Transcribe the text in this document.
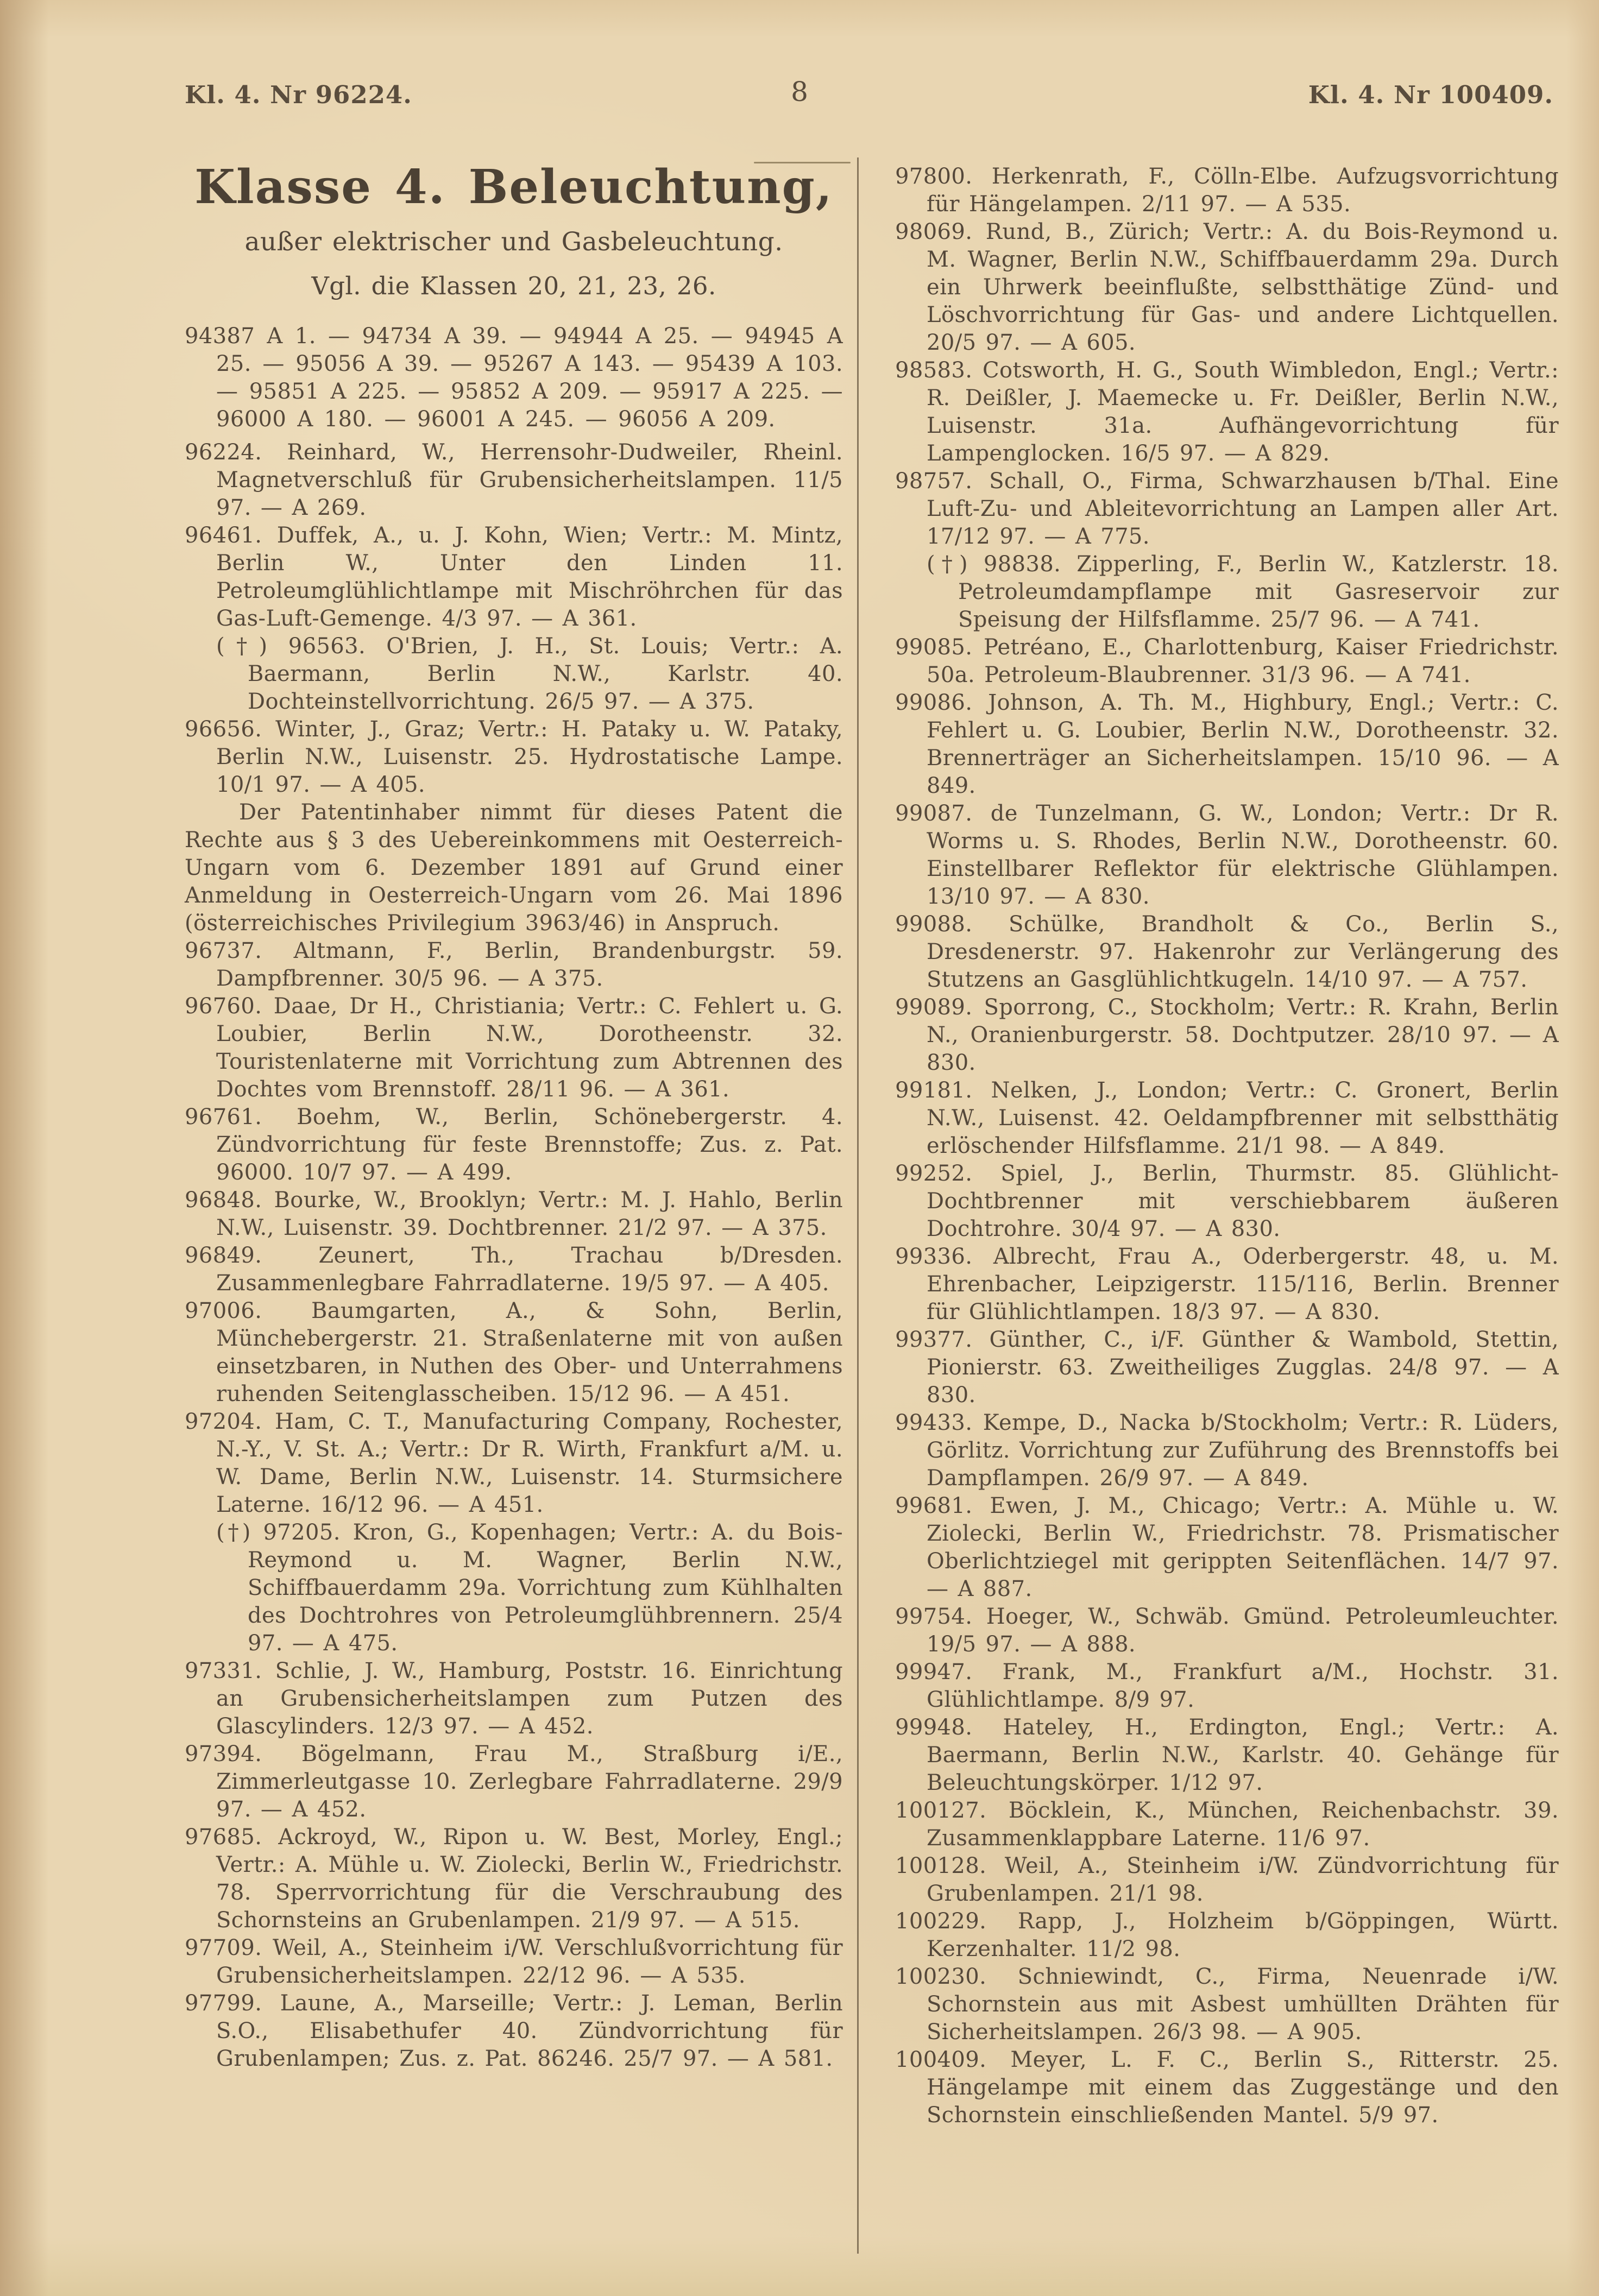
Kl. 4. Nr 96224.	Kl. 4. Nr 100409.
8
Klasse 4. Beleuchtung,
außer elektrischer und Gasbeleuchtung.
Vgl. die Klassen 20, 21, 23, 26.

94387 A 1. — 94734 A 39. — 94944 A 25. — 94945 A 25. — 95056 A 39. — 95267 A 143. — 95439 A 103. — 95851 A 225. — 95852 A 209. — 95917 A 225. — 96000 A 180. — 96001 A 245. — 96056 A 209.

96224. Reinhard, W., Herrensohr-Dudweiler, Rheinl. Magnetverschluß für Grubensicherheitslampen. 11/5 97. — A 269.

96461. Duffek, A., u. J. Kohn, Wien; Vertr.: M. Mintz, Berlin W., Unter den Linden 11. Petroleumglühlichtlampe mit Mischröhrchen für das Gas-Luft-Gemenge. 4/3 97. — A 361.

(†) 96563. O'Brien, J. H., St. Louis; Vertr.: A. Baermann, Berlin N.W., Karlstr. 40. Dochteinstellvorrichtung. 26/5 97. — A 375.

96656. Winter, J., Graz; Vertr.: H. Pataky u. W. Pataky, Berlin N.W., Luisenstr. 25. Hydrostatische Lampe. 10/1 97. — A 405.

Der Patentinhaber nimmt für dieses Patent die Rechte aus § 3 des Uebereinkommens mit Oesterreich-Ungarn vom 6. Dezember 1891 auf Grund einer Anmeldung in Oesterreich-Ungarn vom 26. Mai 1896 (österreichisches Privilegium 3963/46) in Anspruch.

96737. Altmann, F., Berlin, Brandenburgstr. 59. Dampfbrenner. 30/5 96. — A 375.

96760. Daae, Dr H., Christiania; Vertr.: C. Fehlert u. G. Loubier, Berlin N.W., Dorotheenstr. 32. Touristenlaterne mit Vorrichtung zum Abtrennen des Dochtes vom Brennstoff. 28/11 96. — A 361.

96761. Boehm, W., Berlin, Schönebergerstr. 4. Zündvorrichtung für feste Brennstoffe; Zus. z. Pat. 96000. 10/7 97. — A 499.

96848. Bourke, W., Brooklyn; Vertr.: M. J. Hahlo, Berlin N.W., Luisenstr. 39. Dochtbrenner. 21/2 97. — A 375.

96849. Zeunert, Th., Trachau b/Dresden. Zusammenlegbare Fahrradlaterne. 19/5 97. — A 405.

97006. Baumgarten, A., & Sohn, Berlin, Münchebergerstr. 21. Straßenlaterne mit von außen einsetzbaren, in Nuthen des Ober- und Unterrahmens ruhenden Seitenglasscheiben. 15/12 96. — A 451.

97204. Ham, C. T., Manufacturing Company, Rochester, N.-Y., V. St. A.; Vertr.: Dr R. Wirth, Frankfurt a/M. u. W. Dame, Berlin N.W., Luisenstr. 14. Sturmsichere Laterne. 16/12 96. — A 451.

(†) 97205. Kron, G., Kopenhagen; Vertr.: A. du Bois-Reymond u. M. Wagner, Berlin N.W., Schiffbauerdamm 29a. Vorrichtung zum Kühlhalten des Dochtrohres von Petroleumglühbrennern. 25/4 97. — A 475.

97331. Schlie, J. W., Hamburg, Poststr. 16. Einrichtung an Grubensicherheitslampen zum Putzen des Glascylinders. 12/3 97. — A 452.

97394. Bögelmann, Frau M., Straßburg i/E., Zimmerleutgasse 10. Zerlegbare Fahrradlaterne. 29/9 97. — A 452.

97685. Ackroyd, W., Ripon u. W. Best, Morley, Engl.; Vertr.: A. Mühle u. W. Ziolecki, Berlin W., Friedrichstr. 78. Sperrvorrichtung für die Verschraubung des Schornsteins an Grubenlampen. 21/9 97. — A 515.

97709. Weil, A., Steinheim i/W. Verschlußvorrichtung für Grubensicherheitslampen. 22/12 96. — A 535.

97799. Laune, A., Marseille; Vertr.: J. Leman, Berlin S.O., Elisabethufer 40. Zündvorrichtung für Grubenlampen; Zus. z. Pat. 86246. 25/7 97. — A 581.

97800. Herkenrath, F., Cölln-Elbe. Aufzugsvorrichtung für Hängelampen. 2/11 97. — A 535.

98069. Rund, B., Zürich; Vertr.: A. du Bois-Reymond u. M. Wagner, Berlin N.W., Schiffbauerdamm 29a. Durch ein Uhrwerk beeinflußte, selbstthätige Zünd- und Löschvorrichtung für Gas- und andere Lichtquellen. 20/5 97. — A 605.

98583. Cotsworth, H. G., South Wimbledon, Engl.; Vertr.: R. Deißler, J. Maemecke u. Fr. Deißler, Berlin N.W., Luisenstr. 31a. Aufhängevorrichtung für Lampenglocken. 16/5 97. — A 829.

98757. Schall, O., Firma, Schwarzhausen b/Thal. Eine Luft-Zu- und Ableitevorrichtung an Lampen aller Art. 17/12 97. — A 775.

(†) 98838. Zipperling, F., Berlin W., Katzlerstr. 18. Petroleumdampflampe mit Gasreservoir zur Speisung der Hilfsflamme. 25/7 96. — A 741.

99085. Petréano, E., Charlottenburg, Kaiser Friedrichstr. 50a. Petroleum-Blaubrenner. 31/3 96. — A 741.

99086. Johnson, A. Th. M., Highbury, Engl.; Vertr.: C. Fehlert u. G. Loubier, Berlin N.W., Dorotheenstr. 32. Brennerträger an Sicherheitslampen. 15/10 96. — A 849.

99087. de Tunzelmann, G. W., London; Vertr.: Dr R. Worms u. S. Rhodes, Berlin N.W., Dorotheenstr. 60. Einstellbarer Reflektor für elektrische Glühlampen. 13/10 97. — A 830.

99088. Schülke, Brandholt & Co., Berlin S., Dresdenerstr. 97. Hakenrohr zur Verlängerung des Stutzens an Gasglühlichtkugeln. 14/10 97. — A 757.

99089. Sporrong, C., Stockholm; Vertr.: R. Krahn, Berlin N., Oranienburgerstr. 58. Dochtputzer. 28/10 97. — A 830.

99181. Nelken, J., London; Vertr.: C. Gronert, Berlin N.W., Luisenst. 42. Oeldampfbrenner mit selbstthätig erlöschender Hilfsflamme. 21/1 98. — A 849.

99252. Spiel, J., Berlin, Thurmstr. 85. Glühlicht-Dochtbrenner mit verschiebbarem äußeren Dochtrohre. 30/4 97. — A 830.

99336. Albrecht, Frau A., Oderbergerstr. 48, u. M. Ehrenbacher, Leipzigerstr. 115/116, Berlin. Brenner für Glühlichtlampen. 18/3 97. — A 830.

99377. Günther, C., i/F. Günther & Wambold, Stettin, Pionierstr. 63. Zweitheiliges Zugglas. 24/8 97. — A 830.

99433. Kempe, D., Nacka b/Stockholm; Vertr.: R. Lüders, Görlitz. Vorrichtung zur Zuführung des Brennstoffs bei Dampflampen. 26/9 97. — A 849.

99681. Ewen, J. M., Chicago; Vertr.: A. Mühle u. W. Ziolecki, Berlin W., Friedrichstr. 78. Prismatischer Oberlichtziegel mit gerippten Seitenflächen. 14/7 97. — A 887.

99754. Hoeger, W., Schwäb. Gmünd. Petroleumleuchter. 19/5 97. — A 888.

99947. Frank, M., Frankfurt a/M., Hochstr. 31. Glühlichtlampe. 8/9 97.

99948. Hateley, H., Erdington, Engl.; Vertr.: A. Baermann, Berlin N.W., Karlstr. 40. Gehänge für Beleuchtungskörper. 1/12 97.

100127. Böcklein, K., München, Reichenbachstr. 39. Zusammenklappbare Laterne. 11/6 97.

100128. Weil, A., Steinheim i/W. Zündvorrichtung für Grubenlampen. 21/1 98.

100229. Rapp, J., Holzheim b/Göppingen, Württ. Kerzenhalter. 11/2 98.

100230. Schniewindt, C., Firma, Neuenrade i/W. Schornstein aus mit Asbest umhüllten Drähten für Sicherheitslampen. 26/3 98. — A 905.

100409. Meyer, L. F. C., Berlin S., Ritterstr. 25. Hängelampe mit einem das Zuggestänge und den Schornstein einschließenden Mantel. 5/9 97.
